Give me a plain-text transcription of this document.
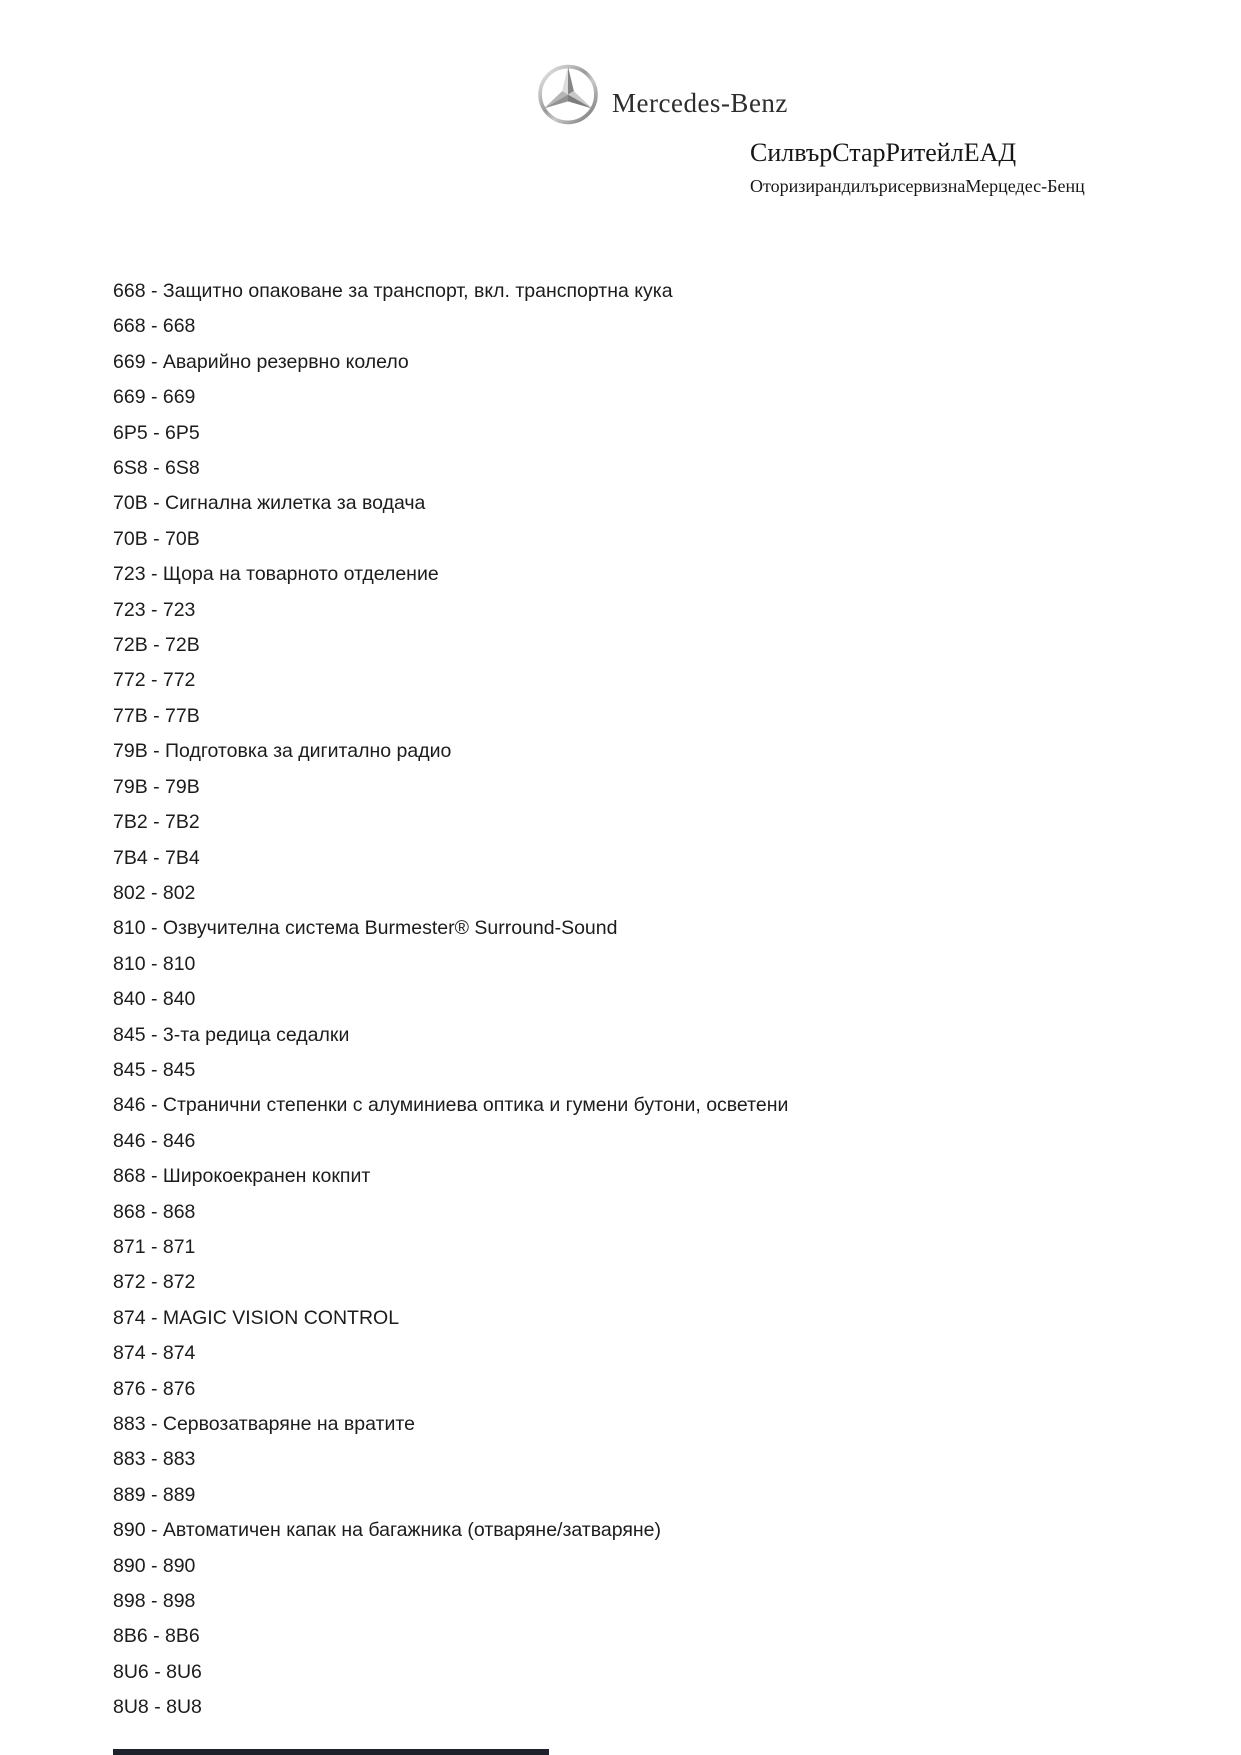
Mercedes-Benz
СилвърСтарРитейлЕАД
ОторизирандилърисервизнаМерцедес-Бенц
668 - Защитно опаковане за транспорт, вкл. транспортна кука
668 - 668
669 - Аварийно резервно колело
669 - 669
6P5 - 6P5
6S8 - 6S8
70B - Сигнална жилетка за водача
70B - 70B
723 - Щора на товарното отделение
723 - 723
72B - 72B
772 - 772
77B - 77B
79B - Подготовка за дигитално радио
79B - 79B
7B2 - 7B2
7B4 - 7B4
802 - 802
810 - Озвучителна система Burmester® Surround-Sound
810 - 810
840 - 840
845 - 3-та редица седалки
845 - 845
846 - Странични степенки с алуминиева оптика и гумени бутони, осветени
846 - 846
868 - Широкоекранен кокпит
868 - 868
871 - 871
872 - 872
874 - MAGIC VISION CONTROL
874 - 874
876 - 876
883 - Сервозатваряне на вратите
883 - 883
889 - 889
890 - Автоматичен капак на багажника (отваряне/затваряне)
890 - 890
898 - 898
8B6 - 8B6
8U6 - 8U6
8U8 - 8U8
